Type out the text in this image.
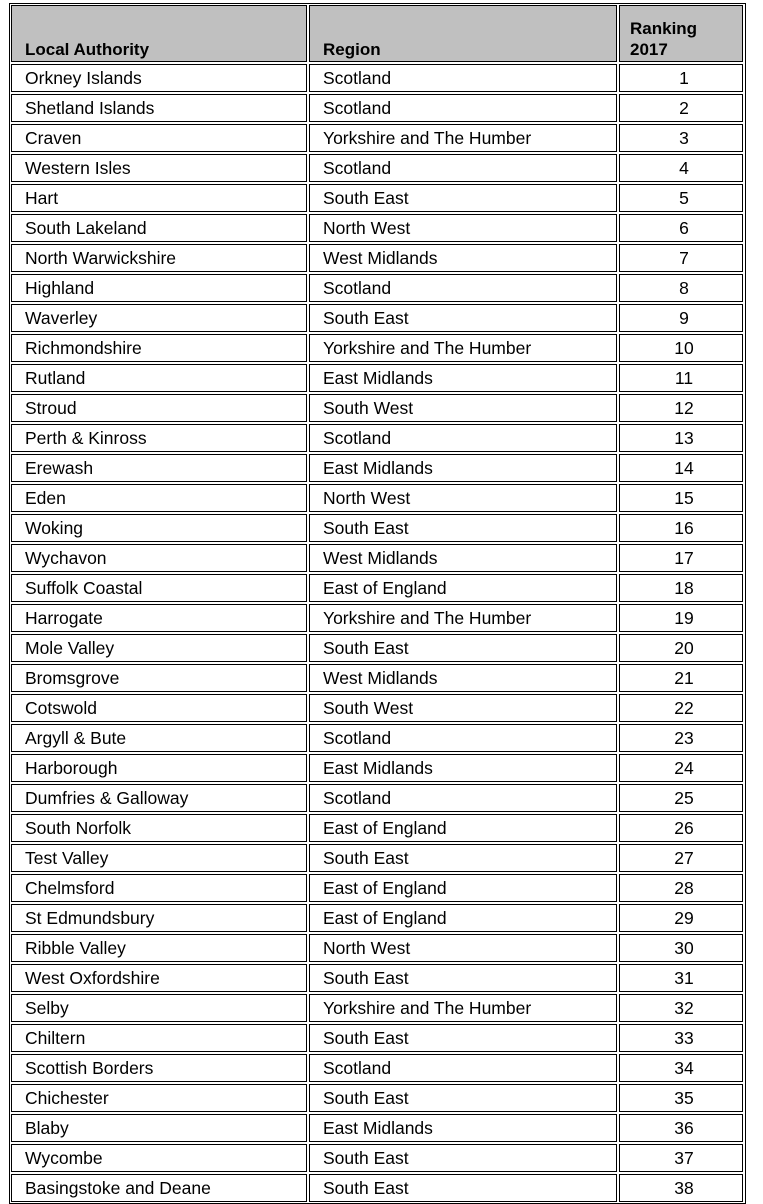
Local Authority	Region	Ranking
2017
Orkney Islands	Scotland	1
Shetland Islands	Scotland	2
Craven	Yorkshire and The Humber	3
Western Isles	Scotland	4
Hart	South East	5
South Lakeland	North West	6
North Warwickshire	West Midlands	7
Highland	Scotland	8
Waverley	South East	9
Richmondshire	Yorkshire and The Humber	10
Rutland	East Midlands	11
Stroud	South West	12
Perth & Kinross	Scotland	13
Erewash	East Midlands	14
Eden	North West	15
Woking	South East	16
Wychavon	West Midlands	17
Suffolk Coastal	East of England	18
Harrogate	Yorkshire and The Humber	19
Mole Valley	South East	20
Bromsgrove	West Midlands	21
Cotswold	South West	22
Argyll & Bute	Scotland	23
Harborough	East Midlands	24
Dumfries & Galloway	Scotland	25
South Norfolk	East of England	26
Test Valley	South East	27
Chelmsford	East of England	28
St Edmundsbury	East of England	29
Ribble Valley	North West	30
West Oxfordshire	South East	31
Selby	Yorkshire and The Humber	32
Chiltern	South East	33
Scottish Borders	Scotland	34
Chichester	South East	35
Blaby	East Midlands	36
Wycombe	South East	37
Basingstoke and Deane	South East	38
